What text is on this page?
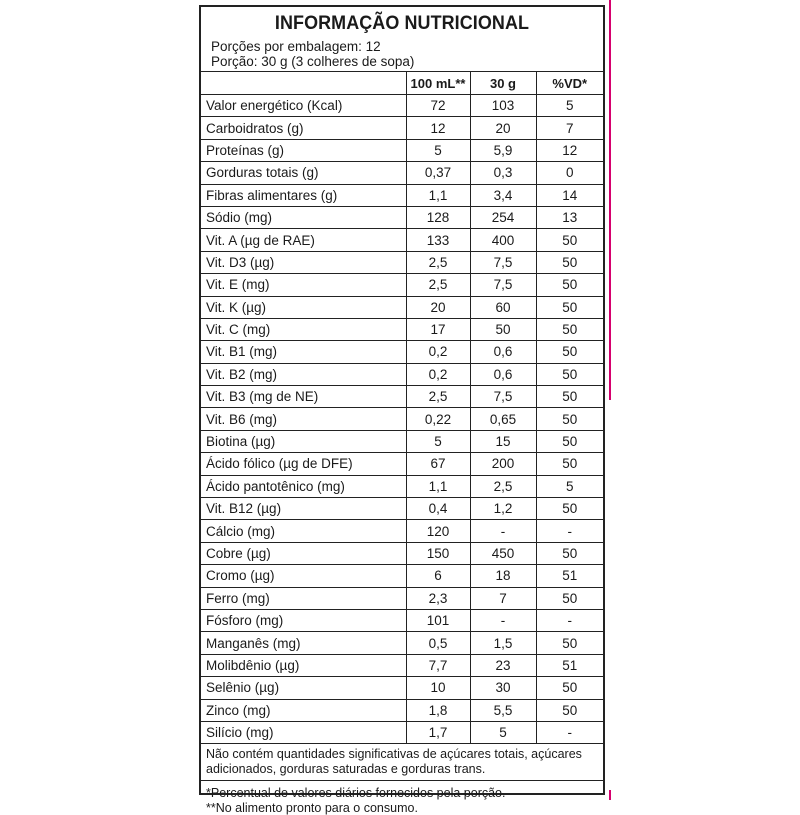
INFORMAÇÃO NUTRICIONAL
Porções por embalagem: 12
Porção: 30 g (3 colheres de sopa)
	100 mL**	30 g	%VD*
Valor energético (Kcal)	72	103	5
Carboidratos (g)	12	20	7
Proteínas (g)	5	5,9	12
Gorduras totais (g)	0,37	0,3	0
Fibras alimentares (g)	1,1	3,4	14
Sódio (mg)	128	254	13
Vit. A (µg de RAE)	133	400	50
Vit. D3 (µg)	2,5	7,5	50
Vit. E (mg)	2,5	7,5	50
Vit. K (µg)	20	60	50
Vit. C (mg)	17	50	50
Vit. B1 (mg)	0,2	0,6	50
Vit. B2 (mg)	0,2	0,6	50
Vit. B3 (mg de NE)	2,5	7,5	50
Vit. B6 (mg)	0,22	0,65	50
Biotina (µg)	5	15	50
Ácido fólico (µg de DFE)	67	200	50
Ácido pantotênico (mg)	1,1	2,5	5
Vit. B12 (µg)	0,4	1,2	50
Cálcio (mg)	120	-	-
Cobre (µg)	150	450	50
Cromo (µg)	6	18	51
Ferro (mg)	2,3	7	50
Fósforo (mg)	101	-	-
Manganês (mg)	0,5	1,5	50
Molibdênio (µg)	7,7	23	51
Selênio (µg)	10	30	50
Zinco (mg)	1,8	5,5	50
Silício (mg)	1,7	5	-
Não contém quantidades significativas de açúcares totais, açúcares adicionados, gorduras saturadas e gorduras trans.
*Percentual de valores diários fornecidos pela porção.
**No alimento pronto para o consumo.
